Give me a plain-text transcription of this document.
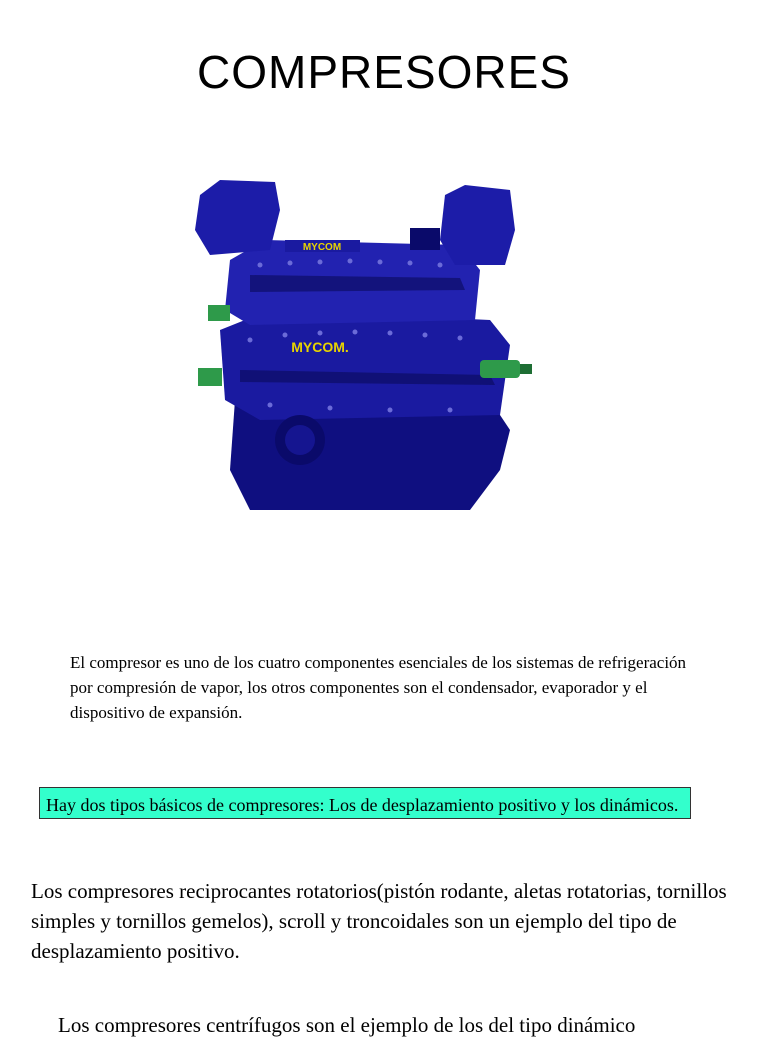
COMPRESORES
MYCOM
MYCOM.
El compresor es uno de los cuatro componentes esenciales de los sistemas de refrigeración por compresión de vapor, los otros componentes son el condensador, evaporador y el dispositivo de expansión.
Hay dos tipos básicos de compresores: Los de desplazamiento positivo y los dinámicos.
Los compresores reciprocantes rotatorios(pistón rodante, aletas rotatorias, tornillos simples y tornillos gemelos), scroll y troncoidales son un ejemplo del tipo de desplazamiento positivo.
Los compresores centrífugos son el ejemplo de los del tipo dinámico
